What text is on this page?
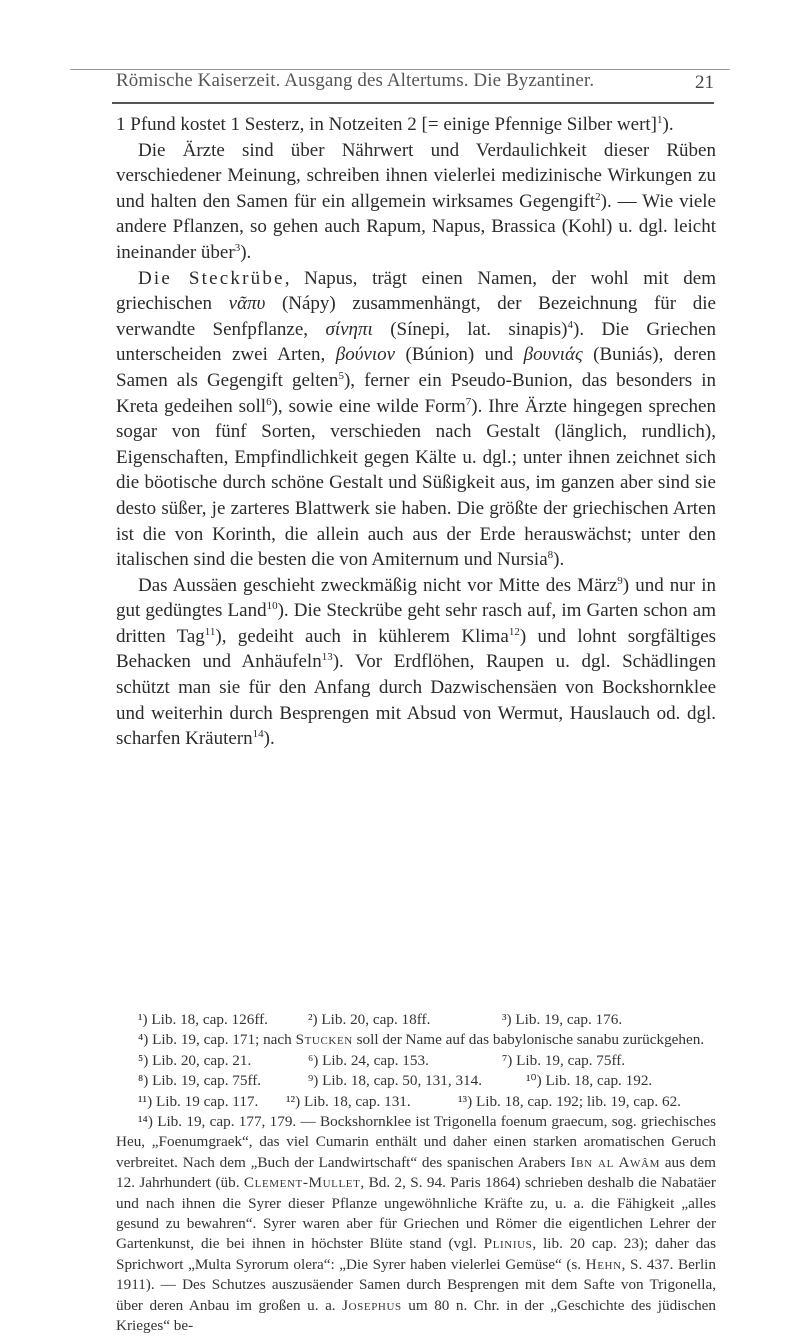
Römische Kaiserzeit. Ausgang des Altertums. Die Byzantiner.	21

1 Pfund kostet 1 Sesterz, in Notzeiten 2 [= einige Pfennige Silber wert]$^1$).

Die Ärzte sind über Nährwert und Verdaulichkeit dieser Rüben verschiedener Meinung, schreiben ihnen vielerlei medizinische Wirkungen zu und halten den Samen für ein allgemein wirksames Gegengift$^2$). — Wie viele andere Pflanzen, so gehen auch Rapum, Napus, Brassica (Kohl) u. dgl. leicht ineinander über$^3$).

Die Steckrübe, Napus, trägt einen Namen, der wohl mit dem griechischen νᾶπυ (Nápy) zusammenhängt, der Bezeichnung für die verwandte Senfpflanze, σίνηπι (Sínepi, lat. sinapis)$^4$). Die Griechen unterscheiden zwei Arten, βούνιον (Búnion) und βουνιάς (Buniás), deren Samen als Gegengift gelten$^5$), ferner ein Pseudo-Bunion, das besonders in Kreta gedeihen soll$^6$), sowie eine wilde Form$^7$). Ihre Ärzte hingegen sprechen sogar von fünf Sorten, verschieden nach Gestalt (länglich, rundlich), Eigenschaften, Empfindlichkeit gegen Kälte u. dgl.; unter ihnen zeichnet sich die böotische durch schöne Gestalt und Süßigkeit aus, im ganzen aber sind sie desto süßer, je zarteres Blattwerk sie haben. Die größte der griechischen Arten ist die von Korinth, die allein auch aus der Erde herauswächst; unter den italischen sind die besten die von Amiternum und Nursia$^8$).

Das Aussäen geschieht zweckmäßig nicht vor Mitte des März$^9$) und nur in gut gedüngtes Land$^{10}$). Die Steckrübe geht sehr rasch auf, im Garten schon am dritten Tag$^{11}$), gedeiht auch in kühlerem Klima$^{12}$) und lohnt sorgfältiges Behacken und Anhäufeln$^{13}$). Vor Erdflöhen, Raupen u. dgl. Schädlingen schützt man sie für den Anfang durch Dazwischensäen von Bockshornklee und weiterhin durch Besprengen mit Absud von Wermut, Hauslauch od. dgl. scharfen Kräutern$^{14}$).

¹) Lib. 18, cap. 126ff.	²) Lib. 20, cap. 18ff.	³) Lib. 19, cap. 176.

⁴) Lib. 19, cap. 171; nach Stucken soll der Name auf das babylonische sanabu zurückgehen.

⁵) Lib. 20, cap. 21.	⁶) Lib. 24, cap. 153.	⁷) Lib. 19, cap. 75ff.
⁸) Lib. 19, cap. 75ff.	⁹) Lib. 18, cap. 50, 131, 314.	¹⁰) Lib. 18, cap. 192.
¹¹) Lib. 19 cap. 117.	¹²) Lib. 18, cap. 131.	¹³) Lib. 18, cap. 192; lib. 19, cap. 62.

¹⁴) Lib. 19, cap. 177, 179. — Bockshornklee ist Trigonella foenum graecum, sog. griechisches Heu, „Foenumgraek“, das viel Cumarin enthält und daher einen starken aromatischen Geruch verbreitet. Nach dem „Buch der Landwirtschaft“ des spanischen Arabers Ibn al Awâm aus dem 12. Jahrhundert (üb. Clement-Mullet, Bd. 2, S. 94. Paris 1864) schrieben deshalb die Nabatäer und nach ihnen die Syrer dieser Pflanze ungewöhnliche Kräfte zu, u. a. die Fähigkeit „alles gesund zu bewahren“. Syrer waren aber für Griechen und Römer die eigentlichen Lehrer der Gartenkunst, die bei ihnen in höchster Blüte stand (vgl. Plinius, lib. 20 cap. 23); daher das Sprichwort „Multa Syrorum olera“: „Die Syrer haben vielerlei Gemüse“ (s. Hehn, S. 437. Berlin 1911). — Des Schutzes auszusäender Samen durch Besprengen mit dem Safte von Trigonella, über deren Anbau im großen u. a. Josephus um 80 n. Chr. in der „Geschichte des jüdischen Krieges“ be-
